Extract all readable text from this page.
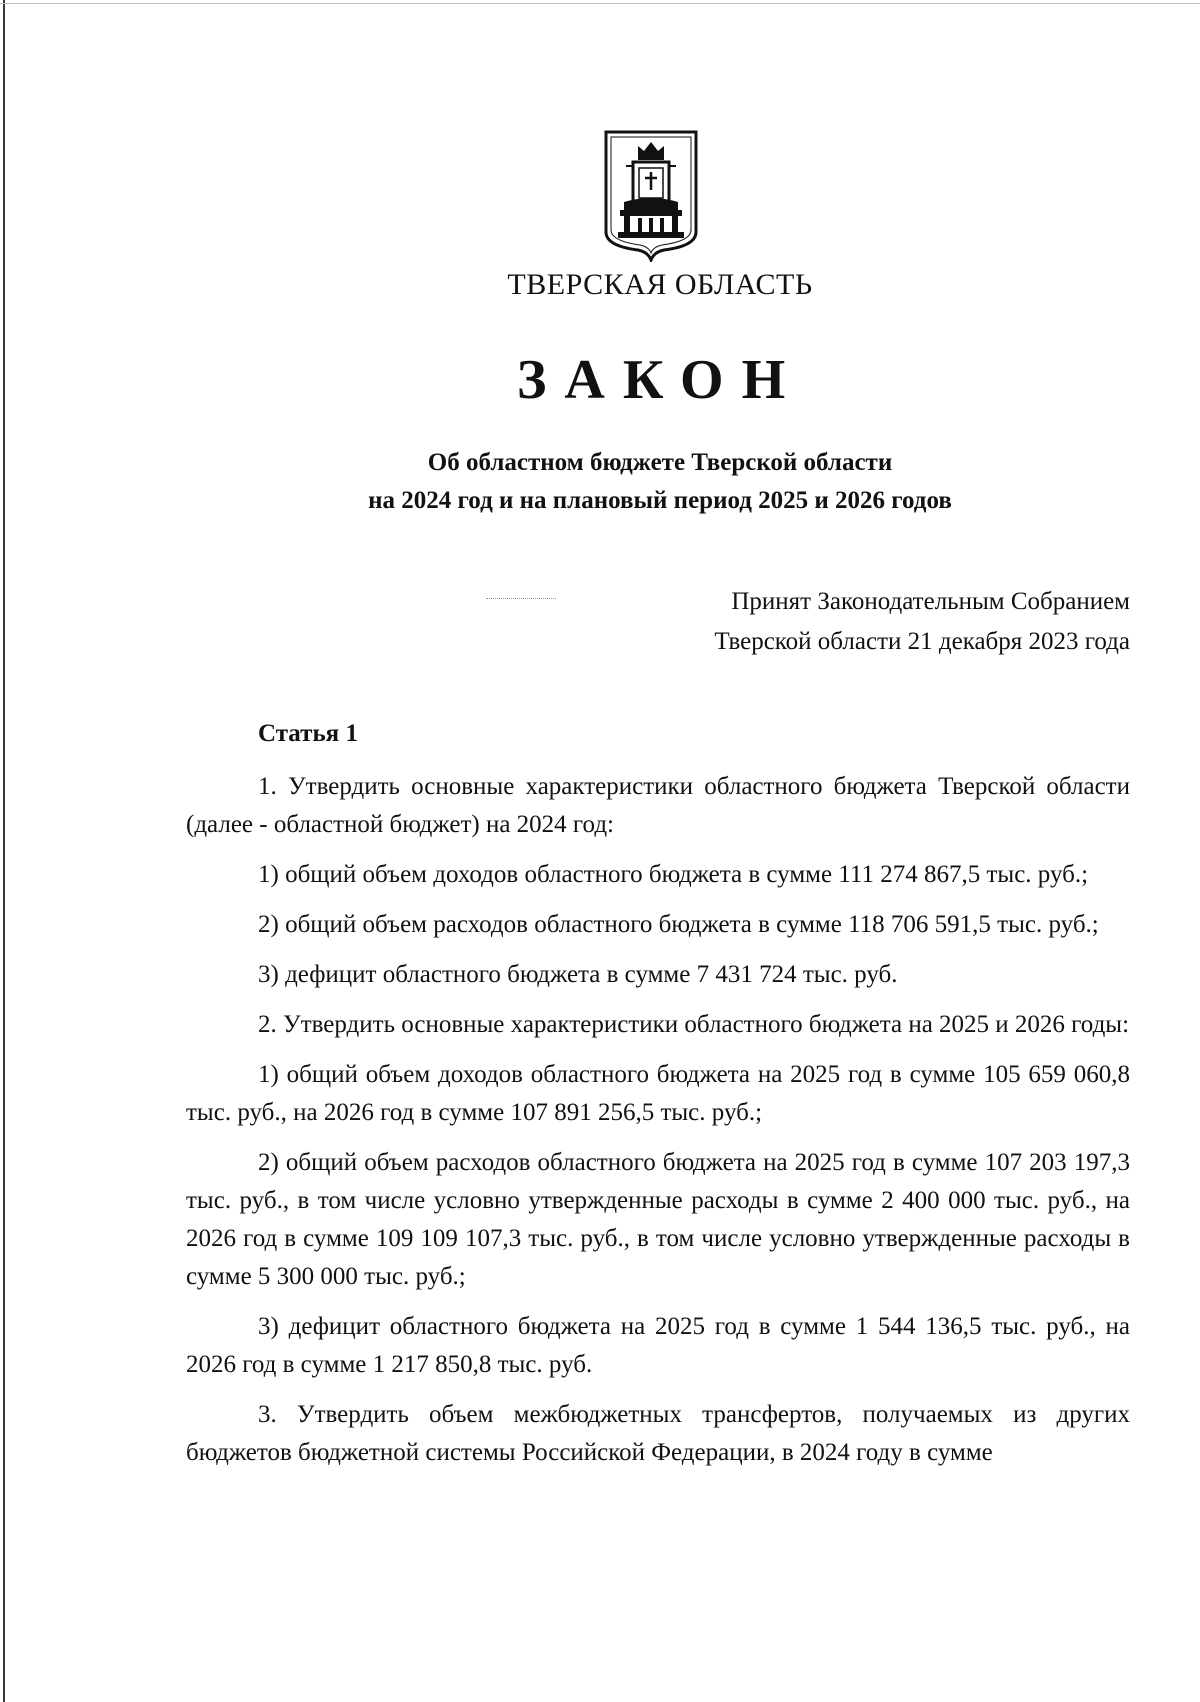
ТВЕРСКАЯ ОБЛАСТЬ
ЗАКОН
Об областном бюджете Тверской области
на 2024 год и на плановый период 2025 и 2026 годов
Принят Законодательным Собранием
Тверской области 21 декабря 2023 года
Статья 1

1. Утвердить основные характеристики областного бюджета Тверской области (далее - областной бюджет) на 2024 год:

1) общий объем доходов областного бюджета в сумме 111 274 867,5 тыс. руб.;

2) общий объем расходов областного бюджета в сумме 118 706 591,5 тыс. руб.;

3) дефицит областного бюджета в сумме 7 431 724 тыс. руб.

2. Утвердить основные характеристики областного бюджета на 2025 и 2026 годы:

1) общий объем доходов областного бюджета на 2025 год в сумме 105 659 060,8 тыс. руб., на 2026 год в сумме 107 891 256,5 тыс. руб.;

2) общий объем расходов областного бюджета на 2025 год в сумме 107 203 197,3 тыс. руб., в том числе условно утвержденные расходы в сумме 2 400 000 тыс. руб., на 2026 год в сумме 109 109 107,3 тыс. руб., в том числе условно утвержденные расходы в сумме 5 300 000 тыс. руб.;

3) дефицит областного бюджета на 2025 год в сумме 1 544 136,5 тыс. руб., на 2026 год в сумме 1 217 850,8 тыс. руб.

3. Утвердить объем межбюджетных трансфертов, получаемых из других бюджетов бюджетной системы Российской Федерации, в 2024 году в сумме
